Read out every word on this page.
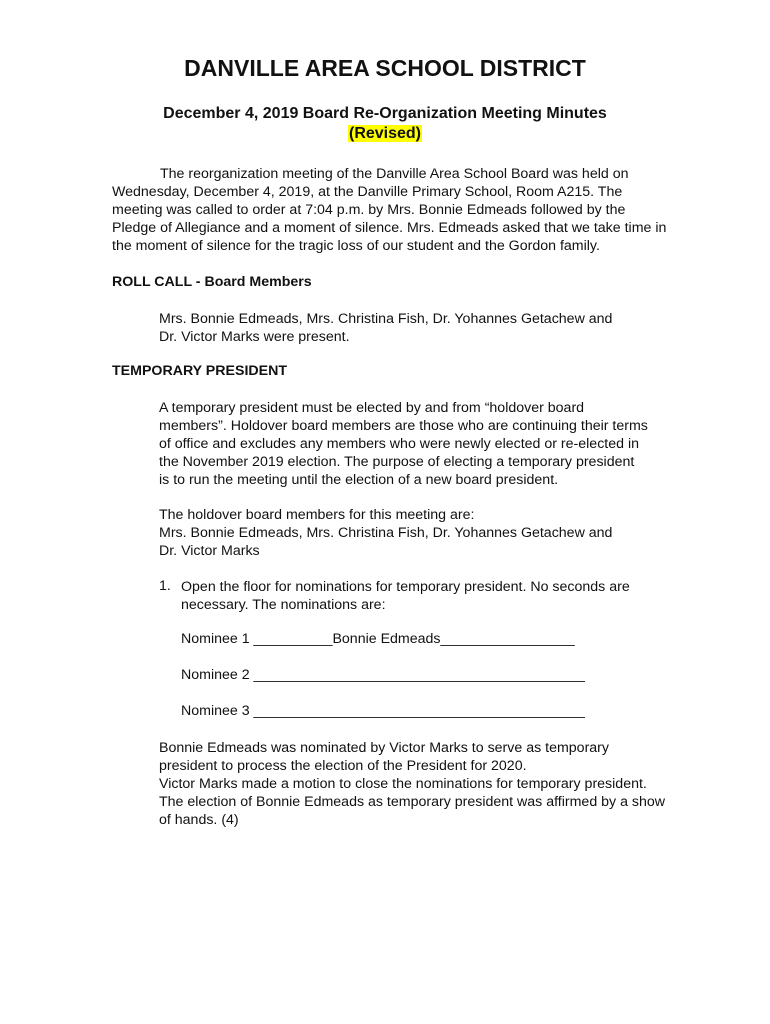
DANVILLE AREA SCHOOL DISTRICT
December 4, 2019 Board Re-Organization Meeting Minutes
(Revised)

The reorganization meeting of the Danville Area School Board was held on Wednesday, December 4, 2019, at the Danville Primary School, Room A215. The meeting was called to order at 7:04 p.m. by Mrs. Bonnie Edmeads followed by the Pledge of Allegiance and a moment of silence. Mrs. Edmeads asked that we take time in the moment of silence for the tragic loss of our student and the Gordon family.

ROLL CALL - Board Members
Mrs. Bonnie Edmeads, Mrs. Christina Fish, Dr. Yohannes Getachew and
Dr. Victor Marks were present.
TEMPORARY PRESIDENT
A temporary president must be elected by and from “holdover board
members”. Holdover board members are those who are continuing their terms
of office and excludes any members who were newly elected or re-elected in
the November 2019 election. The purpose of electing a temporary president
is to run the meeting until the election of a new board president.
The holdover board members for this meeting are:
Mrs. Bonnie Edmeads, Mrs. Christina Fish, Dr. Yohannes Getachew and
Dr. Victor Marks
1. Open the floor for nominations for temporary president. No seconds are
necessary. The nominations are:
Nominee 1 __________Bonnie Edmeads_________________
Nominee 2 __________________________________________
Nominee 3 __________________________________________
Bonnie Edmeads was nominated by Victor Marks to serve as temporary
president to process the election of the President for 2020.
Victor Marks made a motion to close the nominations for temporary president.
The election of Bonnie Edmeads as temporary president was affirmed by a show
of hands. (4)
